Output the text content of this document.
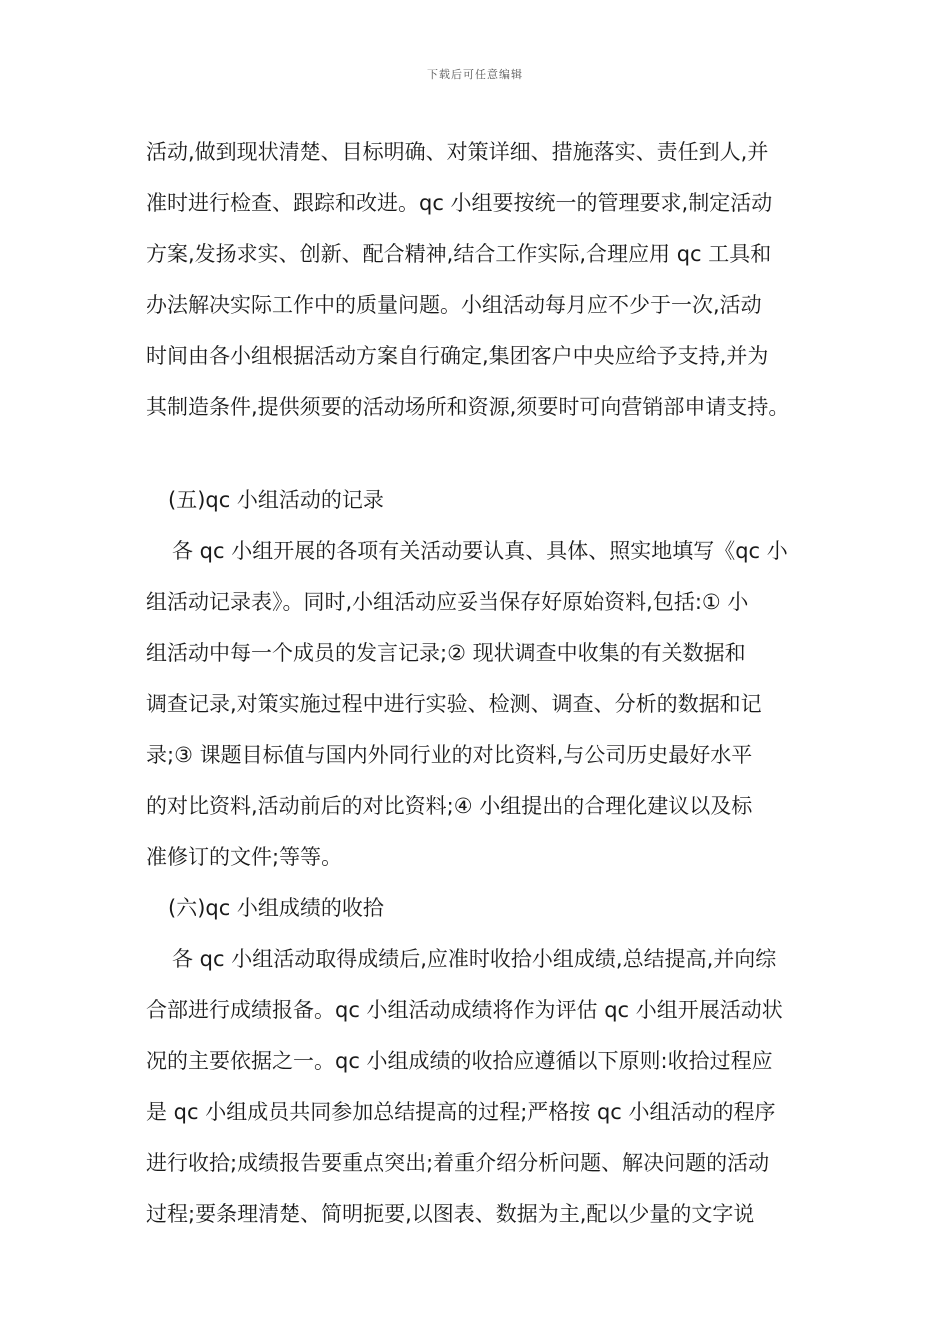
下载后可任意编辑
活动,做到现状清楚、目标明确、对策详细、措施落实、责任到人,并
准时进行检查、跟踪和改进。qc 小组要按统一的管理要求,制定活动
方案,发扬求实、创新、配合精神,结合工作实际,合理应用 qc 工具和
办法解决实际工作中的质量问题。小组活动每月应不少于一次,活动
时间由各小组根据活动方案自行确定,集团客户中央应给予支持,并为
其制造条件,提供须要的活动场所和资源,须要时可向营销部申请支持。
(五)qc 小组活动的记录
各 qc 小组开展的各项有关活动要认真、具体、照实地填写《qc 小
组活动记录表》。同时,小组活动应妥当保存好原始资料,包括:① 小
组活动中每一个成员的发言记录;② 现状调查中收集的有关数据和
调查记录,对策实施过程中进行实验、检测、调查、分析的数据和记
录;③ 课题目标值与国内外同行业的对比资料,与公司历史最好水平
的对比资料,活动前后的对比资料;④ 小组提出的合理化建议以及标
准修订的文件;等等。
(六)qc 小组成绩的收拾
各 qc 小组活动取得成绩后,应准时收拾小组成绩,总结提高,并向综
合部进行成绩报备。qc 小组活动成绩将作为评估 qc 小组开展活动状
况的主要依据之一。qc 小组成绩的收拾应遵循以下原则:收拾过程应
是 qc 小组成员共同参加总结提高的过程;严格按 qc 小组活动的程序
进行收拾;成绩报告要重点突出;着重介绍分析问题、解决问题的活动
过程;要条理清楚、简明扼要,以图表、数据为主,配以少量的文字说
